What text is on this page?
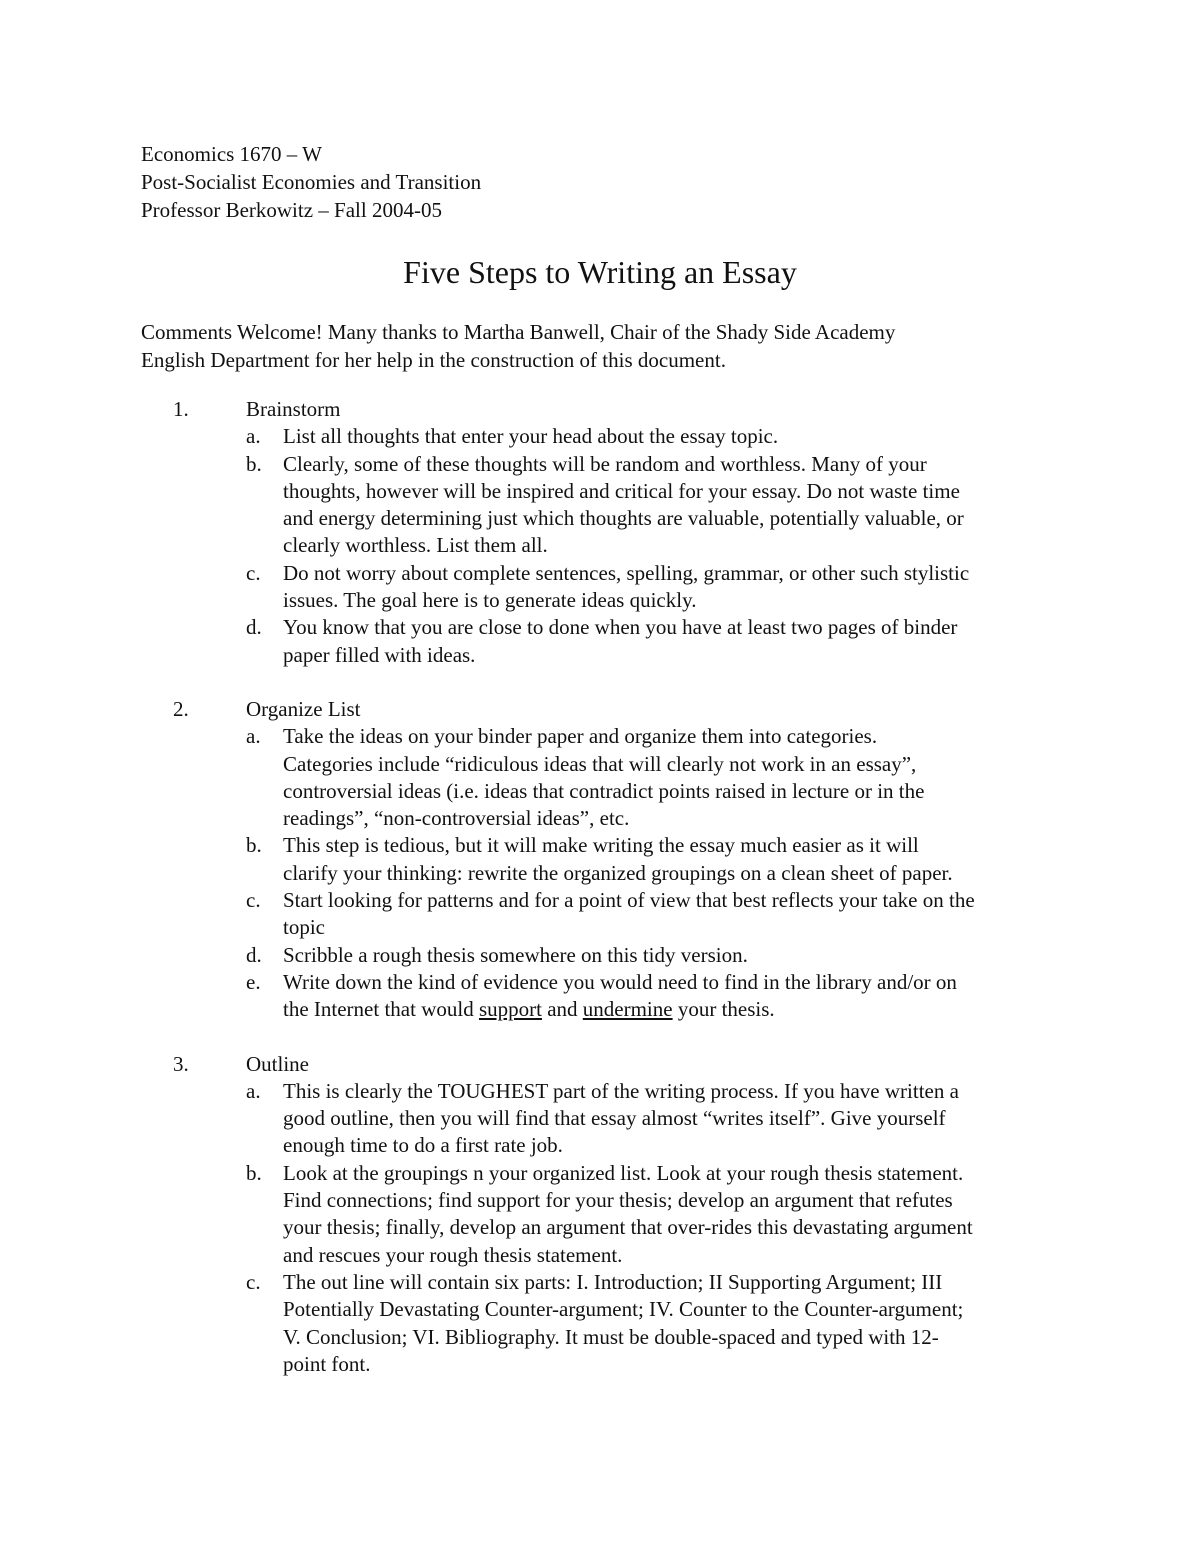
Economics 1670 – W
Post-Socialist Economies and Transition
Professor Berkowitz – Fall 2004-05
Five Steps to Writing an Essay
Comments Welcome! Many thanks to Martha Banwell, Chair of the Shady Side Academy
English Department for her help in the construction of this document.
1.	Brainstorm
a. List all thoughts that enter your head about the essay topic.
b. Clearly, some of these thoughts will be random and worthless. Many of your
thoughts, however will be inspired and critical for your essay. Do not waste time
and energy determining just which thoughts are valuable, potentially valuable, or
clearly worthless. List them all.
c. Do not worry about complete sentences, spelling, grammar, or other such stylistic
issues. The goal here is to generate ideas quickly.
d. You know that you are close to done when you have at least two pages of binder
paper filled with ideas.
2.	Organize List
a. Take the ideas on your binder paper and organize them into categories.
Categories include “ridiculous ideas that will clearly not work in an essay”,
controversial ideas (i.e. ideas that contradict points raised in lecture or in the
readings”, “non-controversial ideas”, etc.
b. This step is tedious, but it will make writing the essay much easier as it will
clarify your thinking: rewrite the organized groupings on a clean sheet of paper.
c. Start looking for patterns and for a point of view that best reflects your take on the
topic
d. Scribble a rough thesis somewhere on this tidy version.
e. Write down the kind of evidence you would need to find in the library and/or on
the Internet that would support and undermine your thesis.
3.	Outline
a. This is clearly the TOUGHEST part of the writing process. If you have written a
good outline, then you will find that essay almost “writes itself”. Give yourself
enough time to do a first rate job.
b. Look at the groupings n your organized list. Look at your rough thesis statement.
Find connections; find support for your thesis; develop an argument that refutes
your thesis; finally, develop an argument that over-rides this devastating argument
and rescues your rough thesis statement.
c. The out line will contain six parts: I. Introduction; II Supporting Argument; III
Potentially Devastating Counter-argument; IV. Counter to the Counter-argument;
V. Conclusion; VI. Bibliography. It must be double-spaced and typed with 12-
point font.
